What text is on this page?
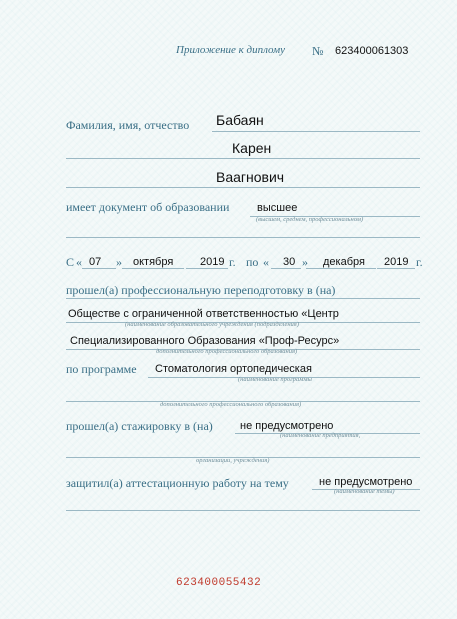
Приложение к диплому № 623400061303
Фамилия, имя, отчество Бабаян
Карен
Ваагнович
имеет документ об образовании	высшее
(высшем, среднем, профессиональном)
С « 07 » октября 2019 г. по « 30 » декабря 2019 г.
прошел(а) профессиональную переподготовку в (на)
Обществе с ограниченной ответственностью «Центр
(наименование образовательного учреждения (подразделения)
Специализированного Образования «Проф-Ресурс»
дополнительного профессионального образования)
по программе Стоматология ортопедическая
(наименование программы
дополнительного профессионального образования)
прошел(а) стажировку в (на) не предусмотрено
(наименование предприятия,
организации, учреждения)
защитил(а) аттестационную работу на тему	не предусмотрено
(наименование темы)
623400055432
